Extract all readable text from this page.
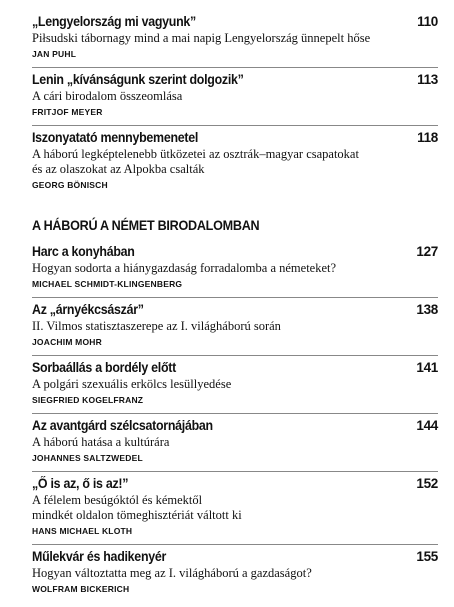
„Lengyelország mi vagyunk”	110
Piłsudski tábornagy mind a mai napig Lengyelország ünnepelt hőse
JAN PUHL
Lenin „kívánságunk szerint dolgozik”	113
A cári birodalom összeomlása
FRITJOF MEYER
Iszonyatató mennybemenetel	118
A háború legképtelenebb ütközetei az osztrák–magyar csapatokat
és az olaszokat az Alpokba csalták
GEORG BÖNISCH
A HÁBORÚ A NÉMET BIRODALOMBAN
Harc a konyhában	127
Hogyan sodorta a hiánygazdaság forradalomba a németeket?
MICHAEL SCHMIDT-KLINGENBERG
Az „árnyékcsászár”	138
II. Vilmos statisztaszerepe az I. világháború során
JOACHIM MOHR
Sorbaállás a bordély előtt	141
A polgári szexuális erkölcs lesüllyedése
SIEGFRIED KOGELFRANZ
Az avantgárd szélcsatornájában	144
A háború hatása a kultúrára
JOHANNES SALTZWEDEL
„Ő is az, ő is az!”	152
A félelem besúgóktól és kémektől
mindkét oldalon tömeghisztériát váltott ki
HANS MICHAEL KLOTH
Műlekvár és hadikenyér	155
Hogyan változtatta meg az I. világháború a gazdaságot?
WOLFRAM BICKERICH
